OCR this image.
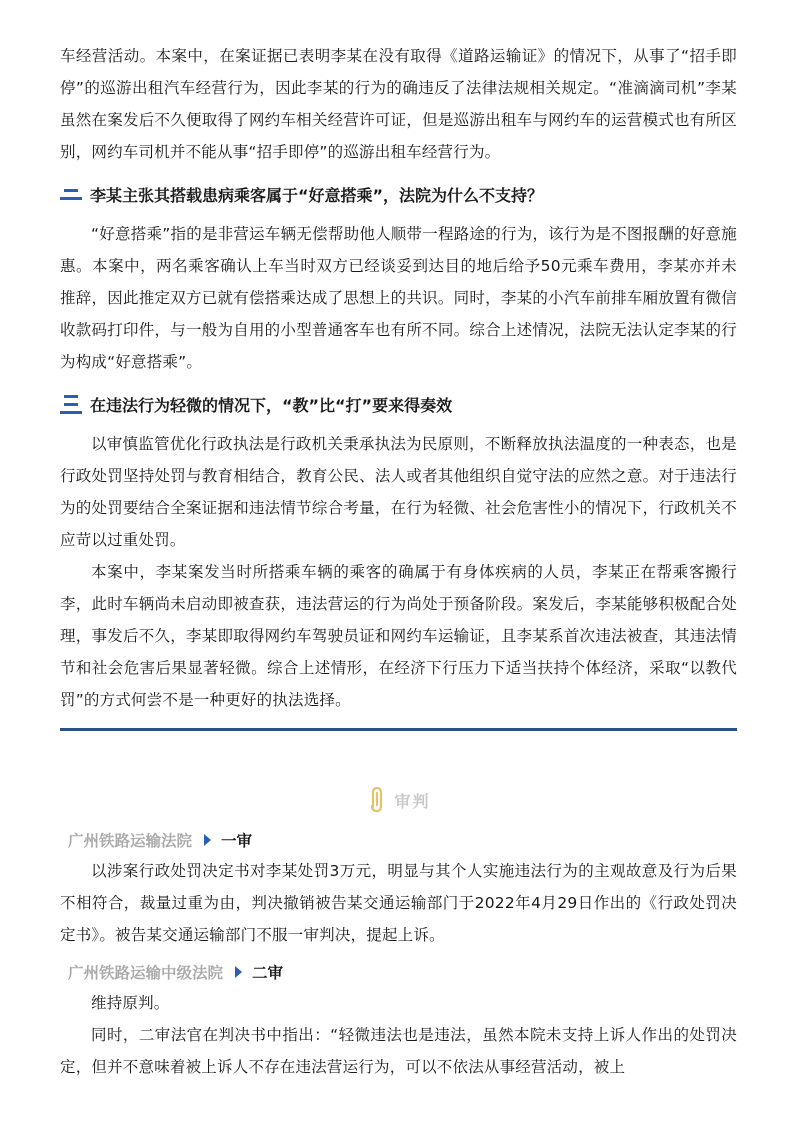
车经营活动。本案中，在案证据已表明李某在没有取得《道路运输证》的情况下，从事了“招手即停”的巡游出租汽车经营行为，因此李某的行为的确违反了法律法规相关规定。“准滴滴司机”李某虽然在案发后不久便取得了网约车相关经营许可证，但是巡游出租车与网约车的运营模式也有所区别，网约车司机并不能从事“招手即停”的巡游出租车经营行为。

李某主张其搭载患病乘客属于“好意搭乘”，法院为什么不支持？

“好意搭乘”指的是非营运车辆无偿帮助他人顺带一程路途的行为，该行为是不图报酬的好意施惠。本案中，两名乘客确认上车当时双方已经谈妥到达目的地后给予50元乘车费用，李某亦并未推辞，因此推定双方已就有偿搭乘达成了思想上的共识。同时，李某的小汽车前排车厢放置有微信收款码打印件，与一般为自用的小型普通客车也有所不同。综合上述情况，法院无法认定李某的行为构成“好意搭乘”。

在违法行为轻微的情况下，“教”比“打”要来得奏效

以审慎监管优化行政执法是行政机关秉承执法为民原则，不断释放执法温度的一种表态，也是行政处罚坚持处罚与教育相结合，教育公民、法人或者其他组织自觉守法的应然之意。对于违法行为的处罚要结合全案证据和违法情节综合考量，在行为轻微、社会危害性小的情况下，行政机关不应苛以过重处罚。

本案中，李某案发当时所搭乘车辆的乘客的确属于有身体疾病的人员，李某正在帮乘客搬行李，此时车辆尚未启动即被查获，违法营运的行为尚处于预备阶段。案发后，李某能够积极配合处理，事发后不久，李某即取得网约车驾驶员证和网约车运输证，且李某系首次违法被查，其违法情节和社会危害后果显著轻微。综合上述情形，在经济下行压力下适当扶持个体经济，采取“以教代罚”的方式何尝不是一种更好的执法选择。

审判
广州铁路运输法院 一审

以涉案行政处罚决定书对李某处罚3万元，明显与其个人实施违法行为的主观故意及行为后果不相符合，裁量过重为由，判决撤销被告某交通运输部门于2022年4月29日作出的《行政处罚决定书》。被告某交通运输部门不服一审判决，提起上诉。

广州铁路运输中级法院 二审

维持原判。

同时，二审法官在判决书中指出：“轻微违法也是违法，虽然本院未支持上诉人作出的处罚决定，但并不意味着被上诉人不存在违法营运行为，可以不依法从事经营活动，被上
